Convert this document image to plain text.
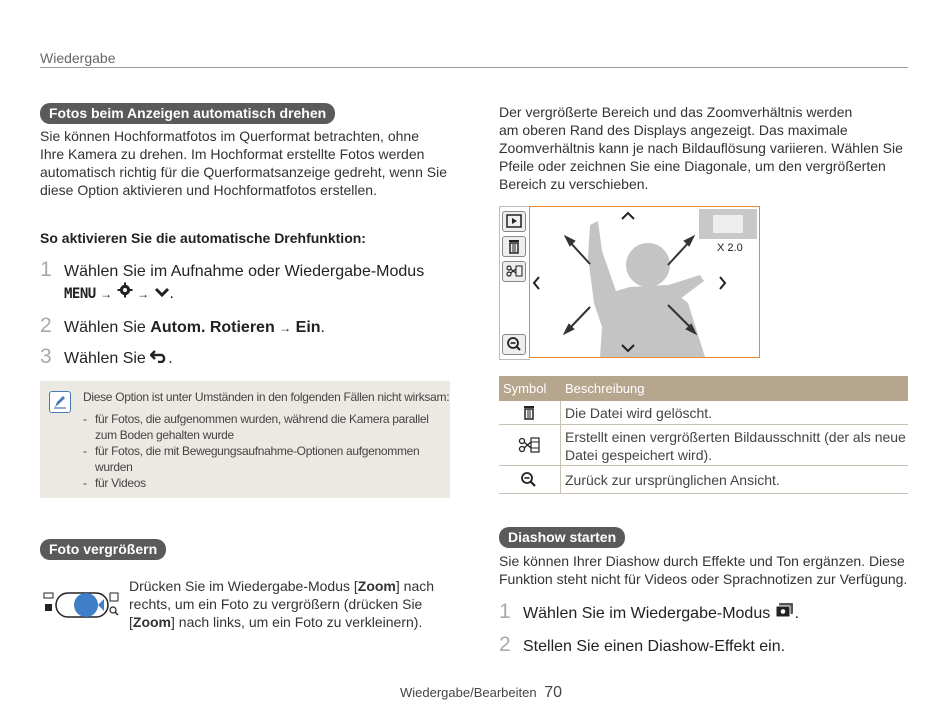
Wiedergabe
Fotos beim Anzeigen automatisch drehen
Sie können Hochformatfotos im Querformat betrachten, ohne
Ihre Kamera zu drehen. Im Hochformat erstellte Fotos werden
automatisch richtig für die Querformatsanzeige gedreht, wenn Sie
diese Option aktivieren und Hochformatfotos erstellen.
So aktivieren Sie die automatische Drehfunktion:
1 Wählen Sie im Aufnahme oder Wiedergabe-Modus
MENU → → .
2 Wählen Sie Autom. Rotieren → Ein.
3 Wählen Sie .
Diese Option ist unter Umständen in den folgenden Fällen nicht wirksam:
- für Fotos, die aufgenommen wurden, während die Kamera parallel
zum Boden gehalten wurde
- für Fotos, die mit Bewegungsaufnahme-Optionen aufgenommen
wurden
- für Videos
Foto vergrößern
Drücken Sie im Wiedergabe-Modus [Zoom] nach
rechts, um ein Foto zu vergrößern (drücken Sie
[Zoom] nach links, um ein Foto zu verkleinern).
Der vergrößerte Bereich und das Zoomverhältnis werden
am oberen Rand des Displays angezeigt. Das maximale
Zoomverhältnis kann je nach Bildauflösung variieren. Wählen Sie
Pfeile oder zeichnen Sie eine Diagonale, um den vergrößerten
Bereich zu verschieben.
X 2.0
Symbol Beschreibung
Die Datei wird gelöscht.
Erstellt einen vergrößerten Bildausschnitt (der als neue
Datei gespeichert wird).
Zurück zur ursprünglichen Ansicht.
Diashow starten
Sie können Ihrer Diashow durch Effekte und Ton ergänzen. Diese
Funktion steht nicht für Videos oder Sprachnotizen zur Verfügung.
1 Wählen Sie im Wiedergabe-Modus .
2 Stellen Sie einen Diashow-Effekt ein.
Wiedergabe/Bearbeiten 70
